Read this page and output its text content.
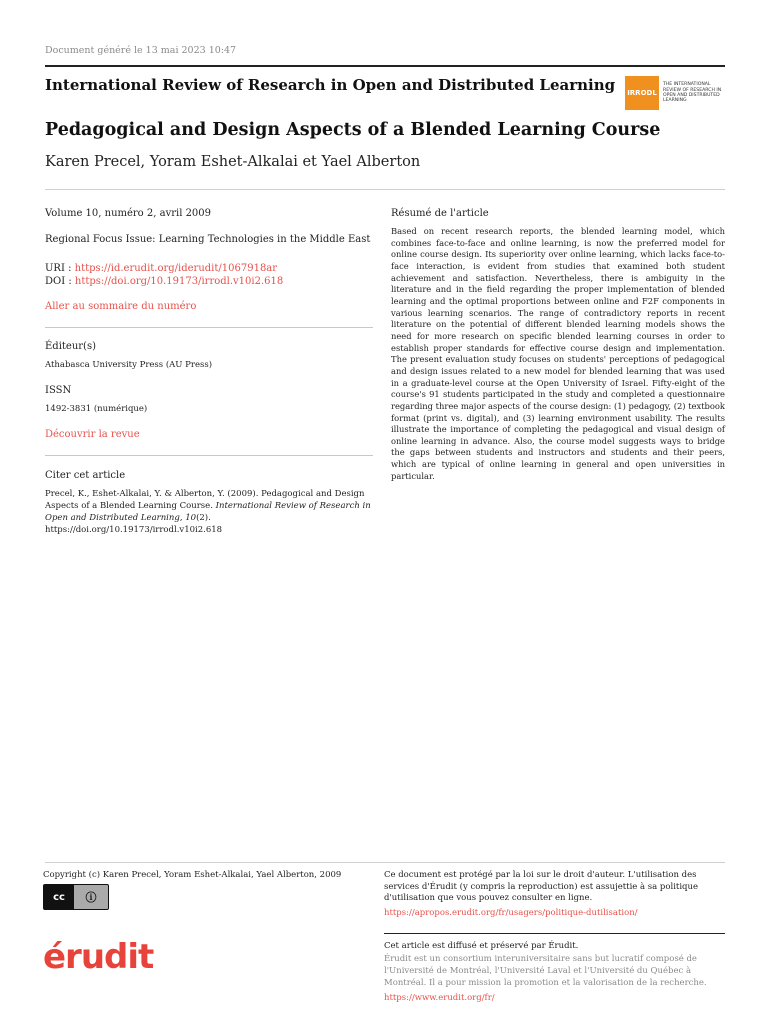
Document généré le 13 mai 2023 10:47
International Review of Research in Open and Distributed Learning	IRRODL
THE INTERNATIONAL REVIEW OF RESEARCH IN OPEN AND DISTRIBUTED LEARNING
Pedagogical and Design Aspects of a Blended Learning Course
Karen Precel, Yoram Eshet-Alkalai et Yael Alberton
Volume 10, numéro 2, avril 2009
Regional Focus Issue: Learning Technologies in the Middle East
URI : https://id.erudit.org/iderudit/1067918ar
DOI : https://doi.org/10.19173/irrodl.v10i2.618
Aller au sommaire du numéro
Éditeur(s)
Athabasca University Press (AU Press)
ISSN
1492-3831 (numérique)
Découvrir la revue
Citer cet article
Precel, K., Eshet-Alkalai, Y. & Alberton, Y. (2009). Pedagogical and Design Aspects of a Blended Learning Course. International Review of Research in Open and Distributed Learning, 10(2). https://doi.org/10.19173/irrodl.v10i2.618
Résumé de l'article
Based on recent research reports, the blended learning model, which combines face-to-face and online learning, is now the preferred model for online course design. Its superiority over online learning, which lacks face-to-face interaction, is evident from studies that examined both student achievement and satisfaction. Nevertheless, there is ambiguity in the literature and in the field regarding the proper implementation of blended learning and the optimal proportions between online and F2F components in various learning scenarios. The range of contradictory reports in recent literature on the potential of different blended learning models shows the need for more research on specific blended learning courses in order to establish proper standards for effective course design and implementation. The present evaluation study focuses on students' perceptions of pedagogical and design issues related to a new model for blended learning that was used in a graduate-level course at the Open University of Israel. Fifty-eight of the course's 91 students participated in the study and completed a questionnaire regarding three major aspects of the course design: (1) pedagogy, (2) textbook format (print vs. digital), and (3) learning environment usability. The results illustrate the importance of completing the pedagogical and visual design of online learning in advance. Also, the course model suggests ways to bridge the gaps between students and instructors and students and their peers, which are typical of online learning in general and open universities in particular.
Copyright (c) Karen Precel, Yoram Eshet-Alkalai, Yael Alberton, 2009
cc	ⓘ
Ce document est protégé par la loi sur le droit d'auteur. L'utilisation des services d'Érudit (y compris la reproduction) est assujettie à sa politique d'utilisation que vous pouvez consulter en ligne.
https://apropos.erudit.org/fr/usagers/politique-dutilisation/
érudit	Cet article est diffusé et préservé par Érudit.
Érudit est un consortium interuniversitaire sans but lucratif composé de l'Université de Montréal, l'Université Laval et l'Université du Québec à Montréal. Il a pour mission la promotion et la valorisation de la recherche.
https://www.erudit.org/fr/
